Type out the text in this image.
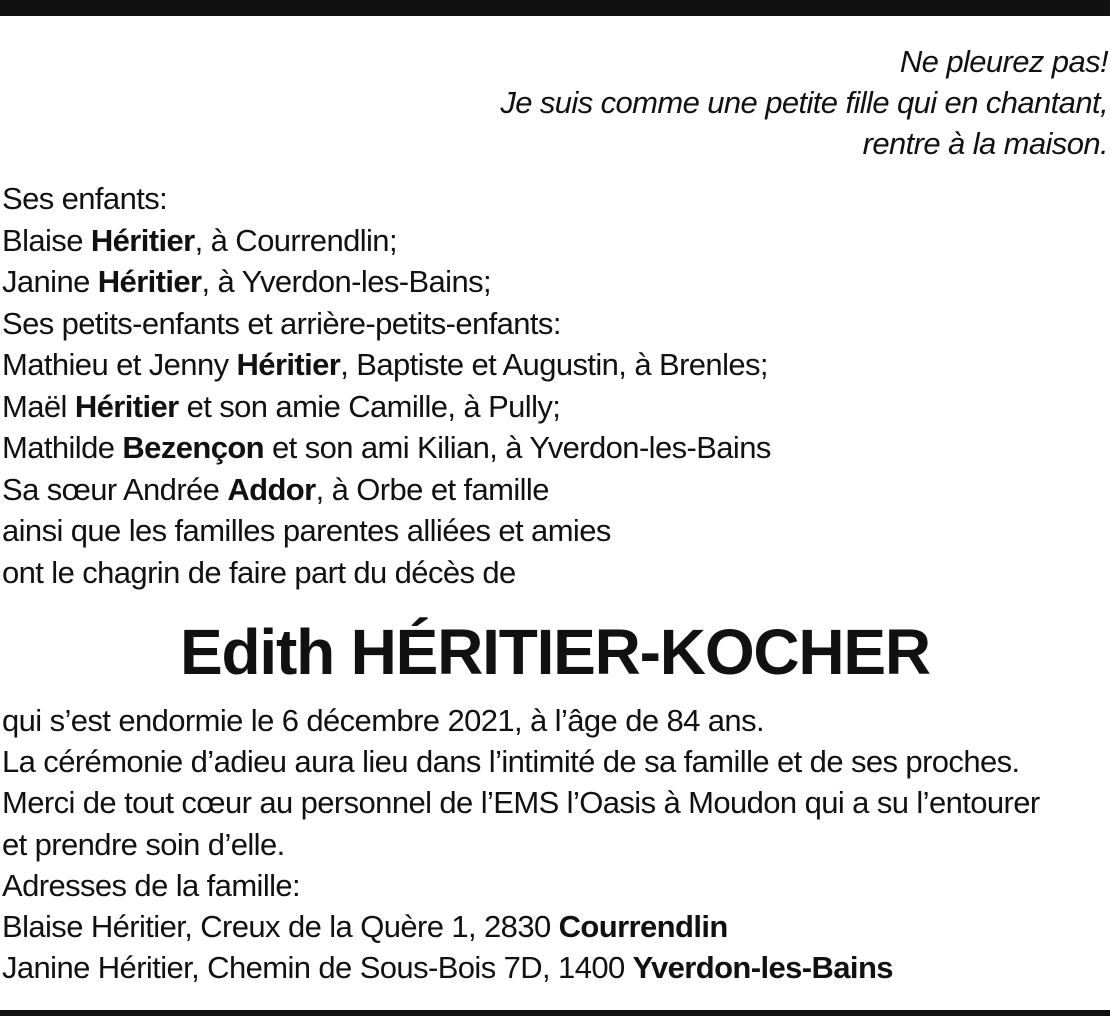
Ne pleurez pas!
Je suis comme une petite fille qui en chantant,
rentre à la maison.
Ses enfants:
Blaise Héritier, à Courrendlin;
Janine Héritier, à Yverdon-les-Bains;
Ses petits-enfants et arrière-petits-enfants:
Mathieu et Jenny Héritier, Baptiste et Augustin, à Brenles;
Maël Héritier et son amie Camille, à Pully;
Mathilde Bezençon et son ami Kilian, à Yverdon-les-Bains
Sa sœur Andrée Addor, à Orbe et famille
ainsi que les familles parentes alliées et amies
ont le chagrin de faire part du décès de
Edith HÉRITIER-KOCHER
qui s’est endormie le 6 décembre 2021, à l’âge de 84 ans.
La cérémonie d’adieu aura lieu dans l’intimité de sa famille et de ses proches.
Merci de tout cœur au personnel de l’EMS l’Oasis à Moudon qui a su l’entourer
et prendre soin d’elle.
Adresses de la famille:
Blaise Héritier, Creux de la Quère 1, 2830 Courrendlin
Janine Héritier, Chemin de Sous-Bois 7D, 1400 Yverdon-les-Bains
